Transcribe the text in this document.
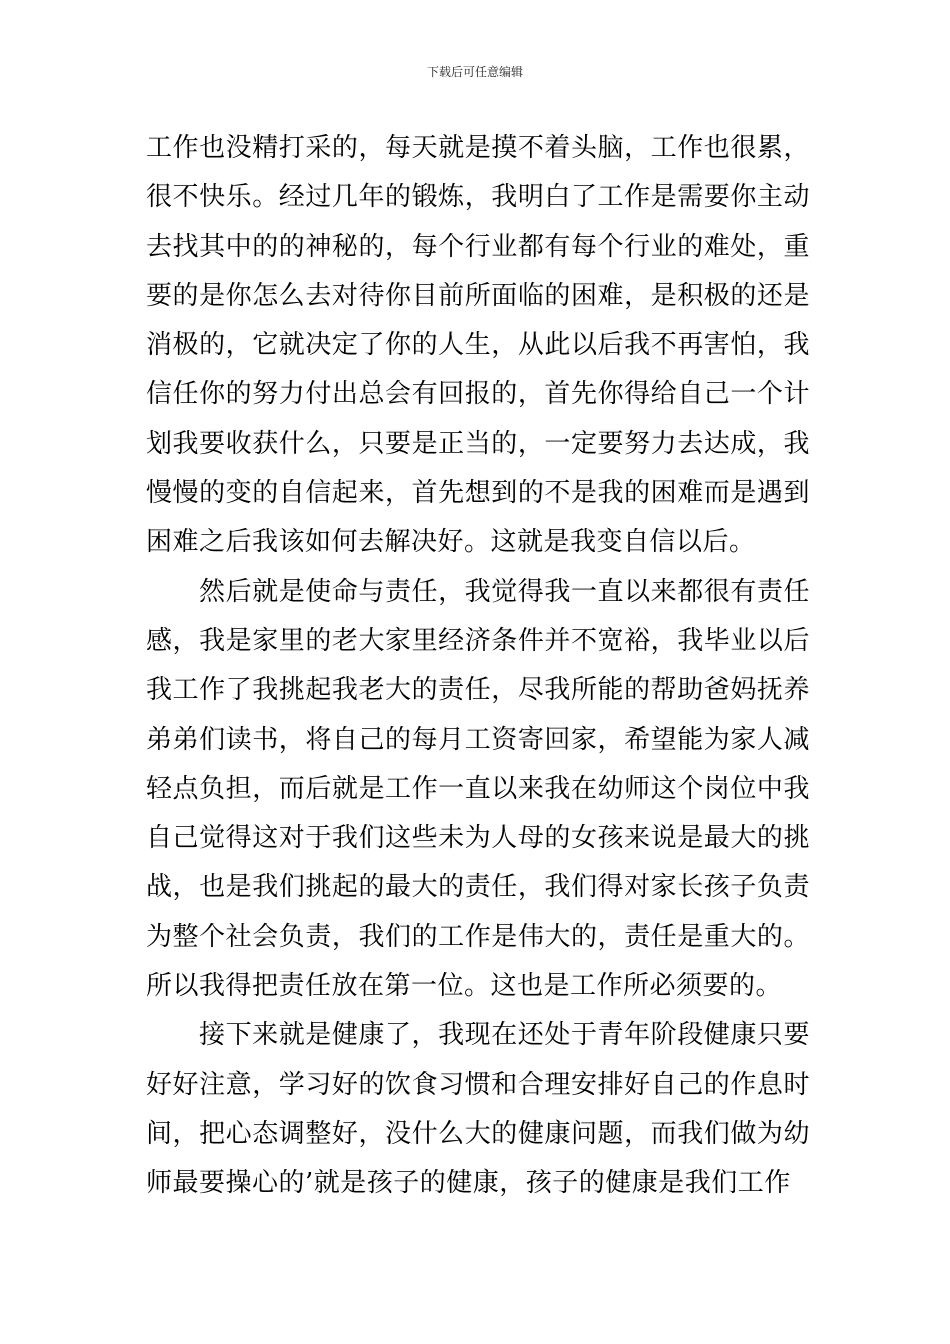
下载后可任意编辑

工作也没精打采的，每天就是摸不着头脑，工作也很累，很不快乐。经过几年的锻炼，我明白了工作是需要你主动去找其中的的神秘的，每个行业都有每个行业的难处，重要的是你怎么去对待你目前所面临的困难，是积极的还是消极的，它就决定了你的人生，从此以后我不再害怕，我信任你的努力付出总会有回报的，首先你得给自己一个计划我要收获什么，只要是正当的，一定要努力去达成，我慢慢的变的自信起来，首先想到的不是我的困难而是遇到困难之后我该如何去解决好。这就是我变自信以后。

然后就是使命与责任，我觉得我一直以来都很有责任感，我是家里的老大家里经济条件并不宽裕，我毕业以后我工作了我挑起我老大的责任，尽我所能的帮助爸妈抚养弟弟们读书，将自己的每月工资寄回家，希望能为家人减轻点负担，而后就是工作一直以来我在幼师这个岗位中我自己觉得这对于我们这些未为人母的女孩来说是最大的挑战，也是我们挑起的最大的责任，我们得对家长孩子负责为整个社会负责，我们的工作是伟大的，责任是重大的。所以我得把责任放在第一位。这也是工作所必须要的。

接下来就是健康了，我现在还处于青年阶段健康只要好好注意，学习好的饮食习惯和合理安排好自己的作息时间，把心态调整好，没什么大的健康问题，而我们做为幼师最要操心的’就是孩子的健康，孩子的健康是我们工作
